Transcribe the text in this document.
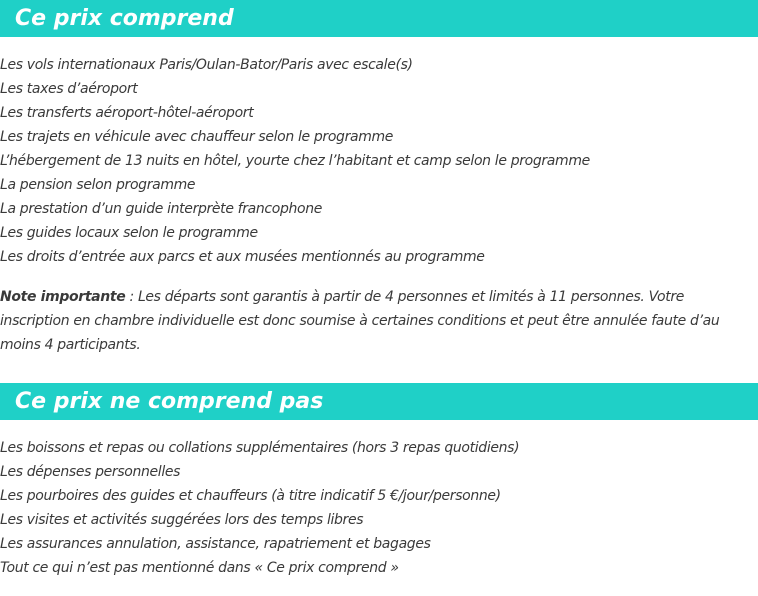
Ce prix comprend
Les vols internationaux Paris/Oulan-Bator/Paris avec escale(s)
Les taxes d’aéroport
Les transferts aéroport-hôtel-aéroport
Les trajets en véhicule avec chauffeur selon le programme
L’hébergement de 13 nuits en hôtel, yourte chez l’habitant et camp selon le programme
La pension selon programme
La prestation d’un guide interprète francophone
Les guides locaux selon le programme
Les droits d’entrée aux parcs et aux musées mentionnés au programme

Note importante : Les départs sont garantis à partir de 4 personnes et limités à 11 personnes. Votre inscription en chambre individuelle est donc soumise à certaines conditions et peut être annulée faute d’au moins 4 participants.

Ce prix ne comprend pas
Les boissons et repas ou collations supplémentaires (hors 3 repas quotidiens)
Les dépenses personnelles
Les pourboires des guides et chauffeurs (à titre indicatif 5 €/jour/personne)
Les visites et activités suggérées lors des temps libres
Les assurances annulation, assistance, rapatriement et bagages
Tout ce qui n’est pas mentionné dans « Ce prix comprend »
